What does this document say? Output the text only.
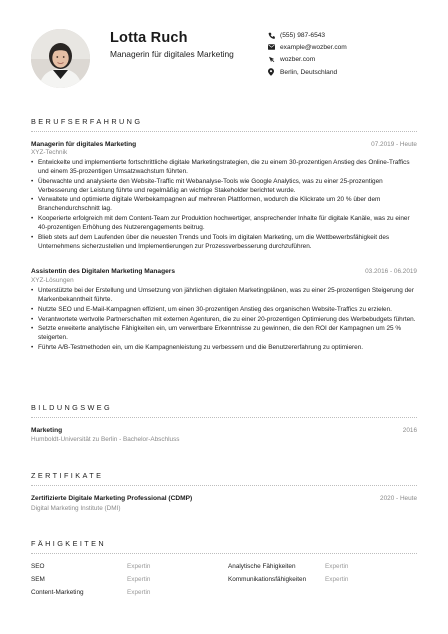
Lotta Ruch
Managerin für digitales Marketing
(555) 987-6543
example@wozber.com
wozber.com
Berlin, Deutschland
BERUFSERFAHRUNG
Managerin für digitales Marketing	07.2019 - Heute
XYZ-Technik
• Entwickelte und implementierte fortschrittliche digitale Marketingstrategien, die zu einem 30-prozentigen Anstieg des Online-Traffics und einem 35-prozentigen Umsatzwachstum führten.
• Überwachte und analysierte den Website-Traffic mit Webanalyse-Tools wie Google Analytics, was zu einer 25-prozentigen Verbesserung der Leistung führte und regelmäßig an wichtige Stakeholder berichtet wurde.
• Verwaltete und optimierte digitale Werbekampagnen auf mehreren Plattformen, wodurch die Klickrate um 20 % über dem Branchendurchschnitt lag.
• Kooperierte erfolgreich mit dem Content-Team zur Produktion hochwertiger, ansprechender Inhalte für digitale Kanäle, was zu einer 40-prozentigen Erhöhung des Nutzerengagements beitrug.
• Blieb stets auf dem Laufenden über die neuesten Trends und Tools im digitalen Marketing, um die Wettbewerbsfähigkeit des Unternehmens sicherzustellen und Implementierungen zur Prozessverbesserung durchzuführen.
Assistentin des Digitalen Marketing Managers	03.2016 - 06.2019
XYZ-Lösungen
• Unterstützte bei der Erstellung und Umsetzung von jährlichen digitalen Marketingplänen, was zu einer 25-prozentigen Steigerung der Markenbekanntheit führte.
• Nutzte SEO und E-Mail-Kampagnen effizient, um einen 30-prozentigen Anstieg des organischen Website-Traffics zu erzielen.
• Verantwortete wertvolle Partnerschaften mit externen Agenturen, die zu einer 20-prozentigen Optimierung des Werbebudgets führten.
• Setzte erweiterte analytische Fähigkeiten ein, um verwertbare Erkenntnisse zu gewinnen, die den ROI der Kampagnen um 25 % steigerten.
• Führte A/B-Testmethoden ein, um die Kampagnenleistung zu verbessern und die Benutzererfahrung zu optimieren.
BILDUNGSWEG
Marketing	2016
Humboldt-Universität zu Berlin - Bachelor-Abschluss
ZERTIFIKATE
Zertifizierte Digitale Marketing Professional (CDMP)	2020 - Heute
Digital Marketing Institute (DMI)
FÄHIGKEITEN
SEO	Expertin	Analytische Fähigkeiten	Expertin
SEM	Expertin	Kommunikationsfähigkeiten	Expertin
Content-Marketing	Expertin
